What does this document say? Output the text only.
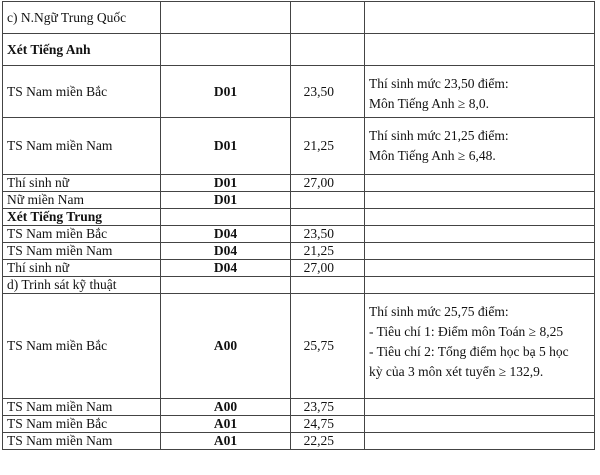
c) N.Ngữ Trung Quốc			
Xét Tiếng Anh			
TS Nam miền Bắc	D01	23,50	Thí sinh mức 23,50 điểm:
Môn Tiếng Anh ≥ 8,0.

TS Nam miền Nam	D01	21,25	Thí sinh mức 21,25 điểm:
Môn Tiếng Anh ≥ 6,48.

Thí sinh nữ	D01	27,00	
Nữ miền Nam	D01		
Xét Tiếng Trung			
TS Nam miền Bắc	D04	23,50	
TS Nam miền Nam	D04	21,25	
Thí sinh nữ	D04	27,00	
d) Trinh sát kỹ thuật			
TS Nam miền Bắc	A00	25,75	Thí sinh mức 25,75 điểm:
- Tiêu chí 1: Điểm môn Toán ≥ 8,25
- Tiêu chí 2: Tổng điểm học bạ 5 học
kỳ của 3 môn xét tuyển ≥ 132,9.

TS Nam miền Nam	A00	23,75	
TS Nam miền Bắc	A01	24,75	
TS Nam miền Nam	A01	22,25	
